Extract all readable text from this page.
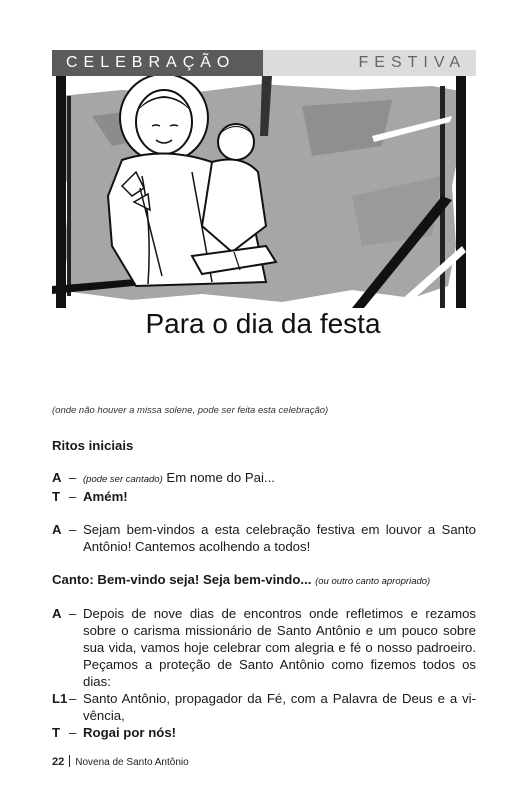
CELEBRAÇÃO	FESTIVA
Para o dia da festa

(onde não houver a missa solene, pode ser feita esta celebração)

Ritos iniciais

A – (pode ser cantado) Em nome do Pai...
T – Amém!
A – Sejam bem-vindos a esta celebração festiva em louvor a Santo Antônio! Cantemos acolhendo a todos!

Canto: Bem-vindo seja! Seja bem-vindo... (ou outro canto apropriado)

A – Depois de nove dias de encontros onde refletimos e rezamos sobre o carisma missionário de Santo Antônio e um pouco sobre sua vida, vamos hoje celebrar com alegria e fé o nosso padroeiro. Peçamos a proteção de Santo Antônio como fizemos todos os dias:
L1 – Santo Antônio, propagador da Fé, com a Palavra de Deus e a vi-vência,
T – Rogai por nós!
22 Novena de Santo Antônio
